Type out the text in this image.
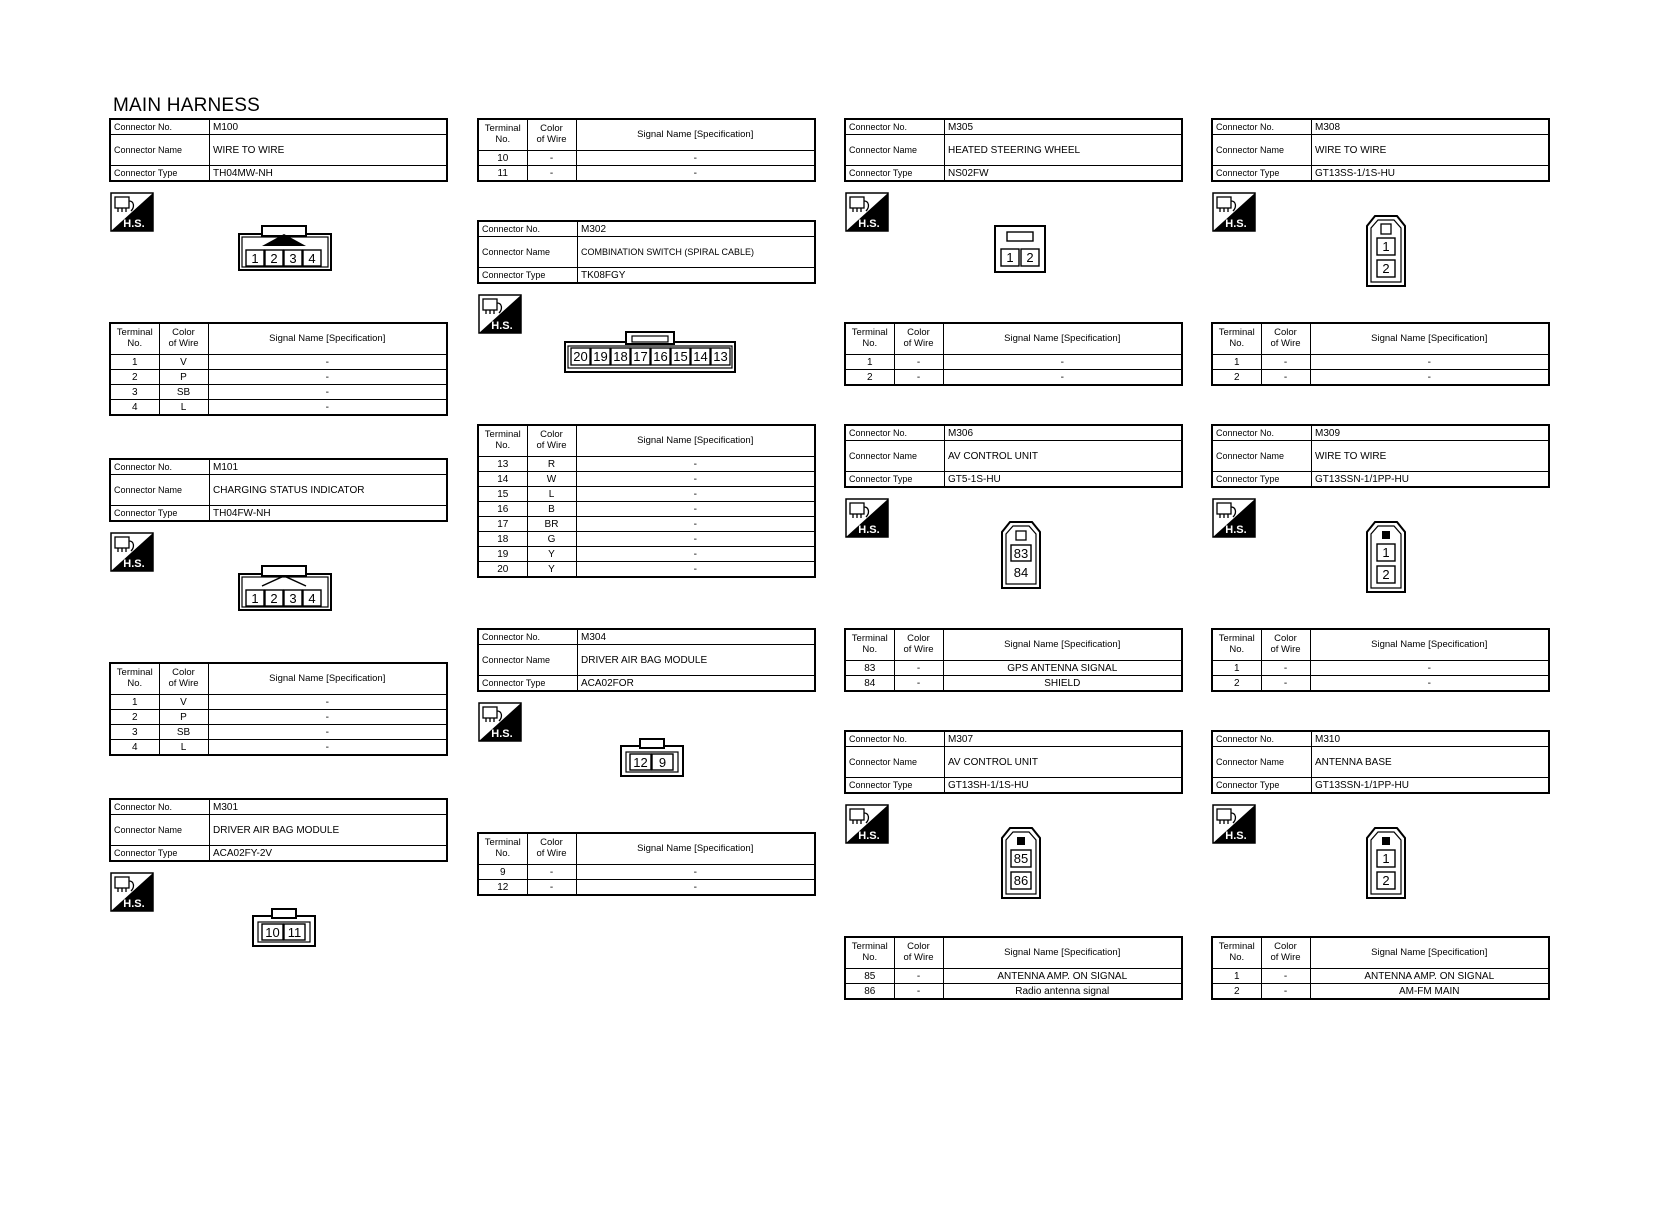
MAIN HARNESS
Connector No.	M100
Connector Name	WIRE TO WIRE
Connector Type	TH04MW-NH
H.S.
1 2 3 4
Terminal
No.	Color
of Wire	Signal Name [Specification]
1	V	-
2	P	-
3	SB	-
4	L	-
Connector No.	M101
Connector Name	CHARGING STATUS INDICATOR
Connector Type	TH04FW-NH
H.S.
1 2 3 4
Terminal
No.	Color
of Wire	Signal Name [Specification]
1	V	-
2	P	-
3	SB	-
4	L	-
Connector No.	M301
Connector Name	DRIVER AIR BAG MODULE
Connector Type	ACA02FY-2V
H.S.
10 11
Terminal
No.	Color
of Wire	Signal Name [Specification]
10	-	-
11	-	-
Connector No.	M302
Connector Name	COMBINATION SWITCH (SPIRAL CABLE)
Connector Type	TK08FGY
H.S.
20 19 18 17 16 15 14 13
Terminal
No.	Color
of Wire	Signal Name [Specification]
13	R	-
14	W	-
15	L	-
16	B	-
17	BR	-
18	G	-
19	Y	-
20	Y	-
Connector No.	M304
Connector Name	DRIVER AIR BAG MODULE
Connector Type	ACA02FOR
H.S.
12 9
Terminal
No.	Color
of Wire	Signal Name [Specification]
9	-	-
12	-	-
Connector No.	M305
Connector Name	HEATED STEERING WHEEL
Connector Type	NS02FW
H.S.
1 2
Terminal
No.	Color
of Wire	Signal Name [Specification]
1	-	-
2	-	-
Connector No.	M306
Connector Name	AV CONTROL UNIT
Connector Type	GT5-1S-HU
H.S.
83
84
Terminal
No.	Color
of Wire	Signal Name [Specification]
83	-	GPS ANTENNA SIGNAL
84	-	SHIELD
Connector No.	M307
Connector Name	AV CONTROL UNIT
Connector Type	GT13SH-1/1S-HU
H.S.
85
86
Terminal
No.	Color
of Wire	Signal Name [Specification]
85	-	ANTENNA AMP. ON SIGNAL
86	-	Radio antenna signal
Connector No.	M308
Connector Name	WIRE TO WIRE
Connector Type	GT13SS-1/1S-HU
H.S.
1
2
Terminal
No.	Color
of Wire	Signal Name [Specification]
1	-	-
2	-	-
Connector No.	M309
Connector Name	WIRE TO WIRE
Connector Type	GT13SSN-1/1PP-HU
H.S.
1
2
Terminal
No.	Color
of Wire	Signal Name [Specification]
1	-	-
2	-	-
Connector No.	M310
Connector Name	ANTENNA BASE
Connector Type	GT13SSN-1/1PP-HU
H.S.
1
2
Terminal
No.	Color
of Wire	Signal Name [Specification]
1	-	ANTENNA AMP. ON SIGNAL
2	-	AM-FM MAIN
